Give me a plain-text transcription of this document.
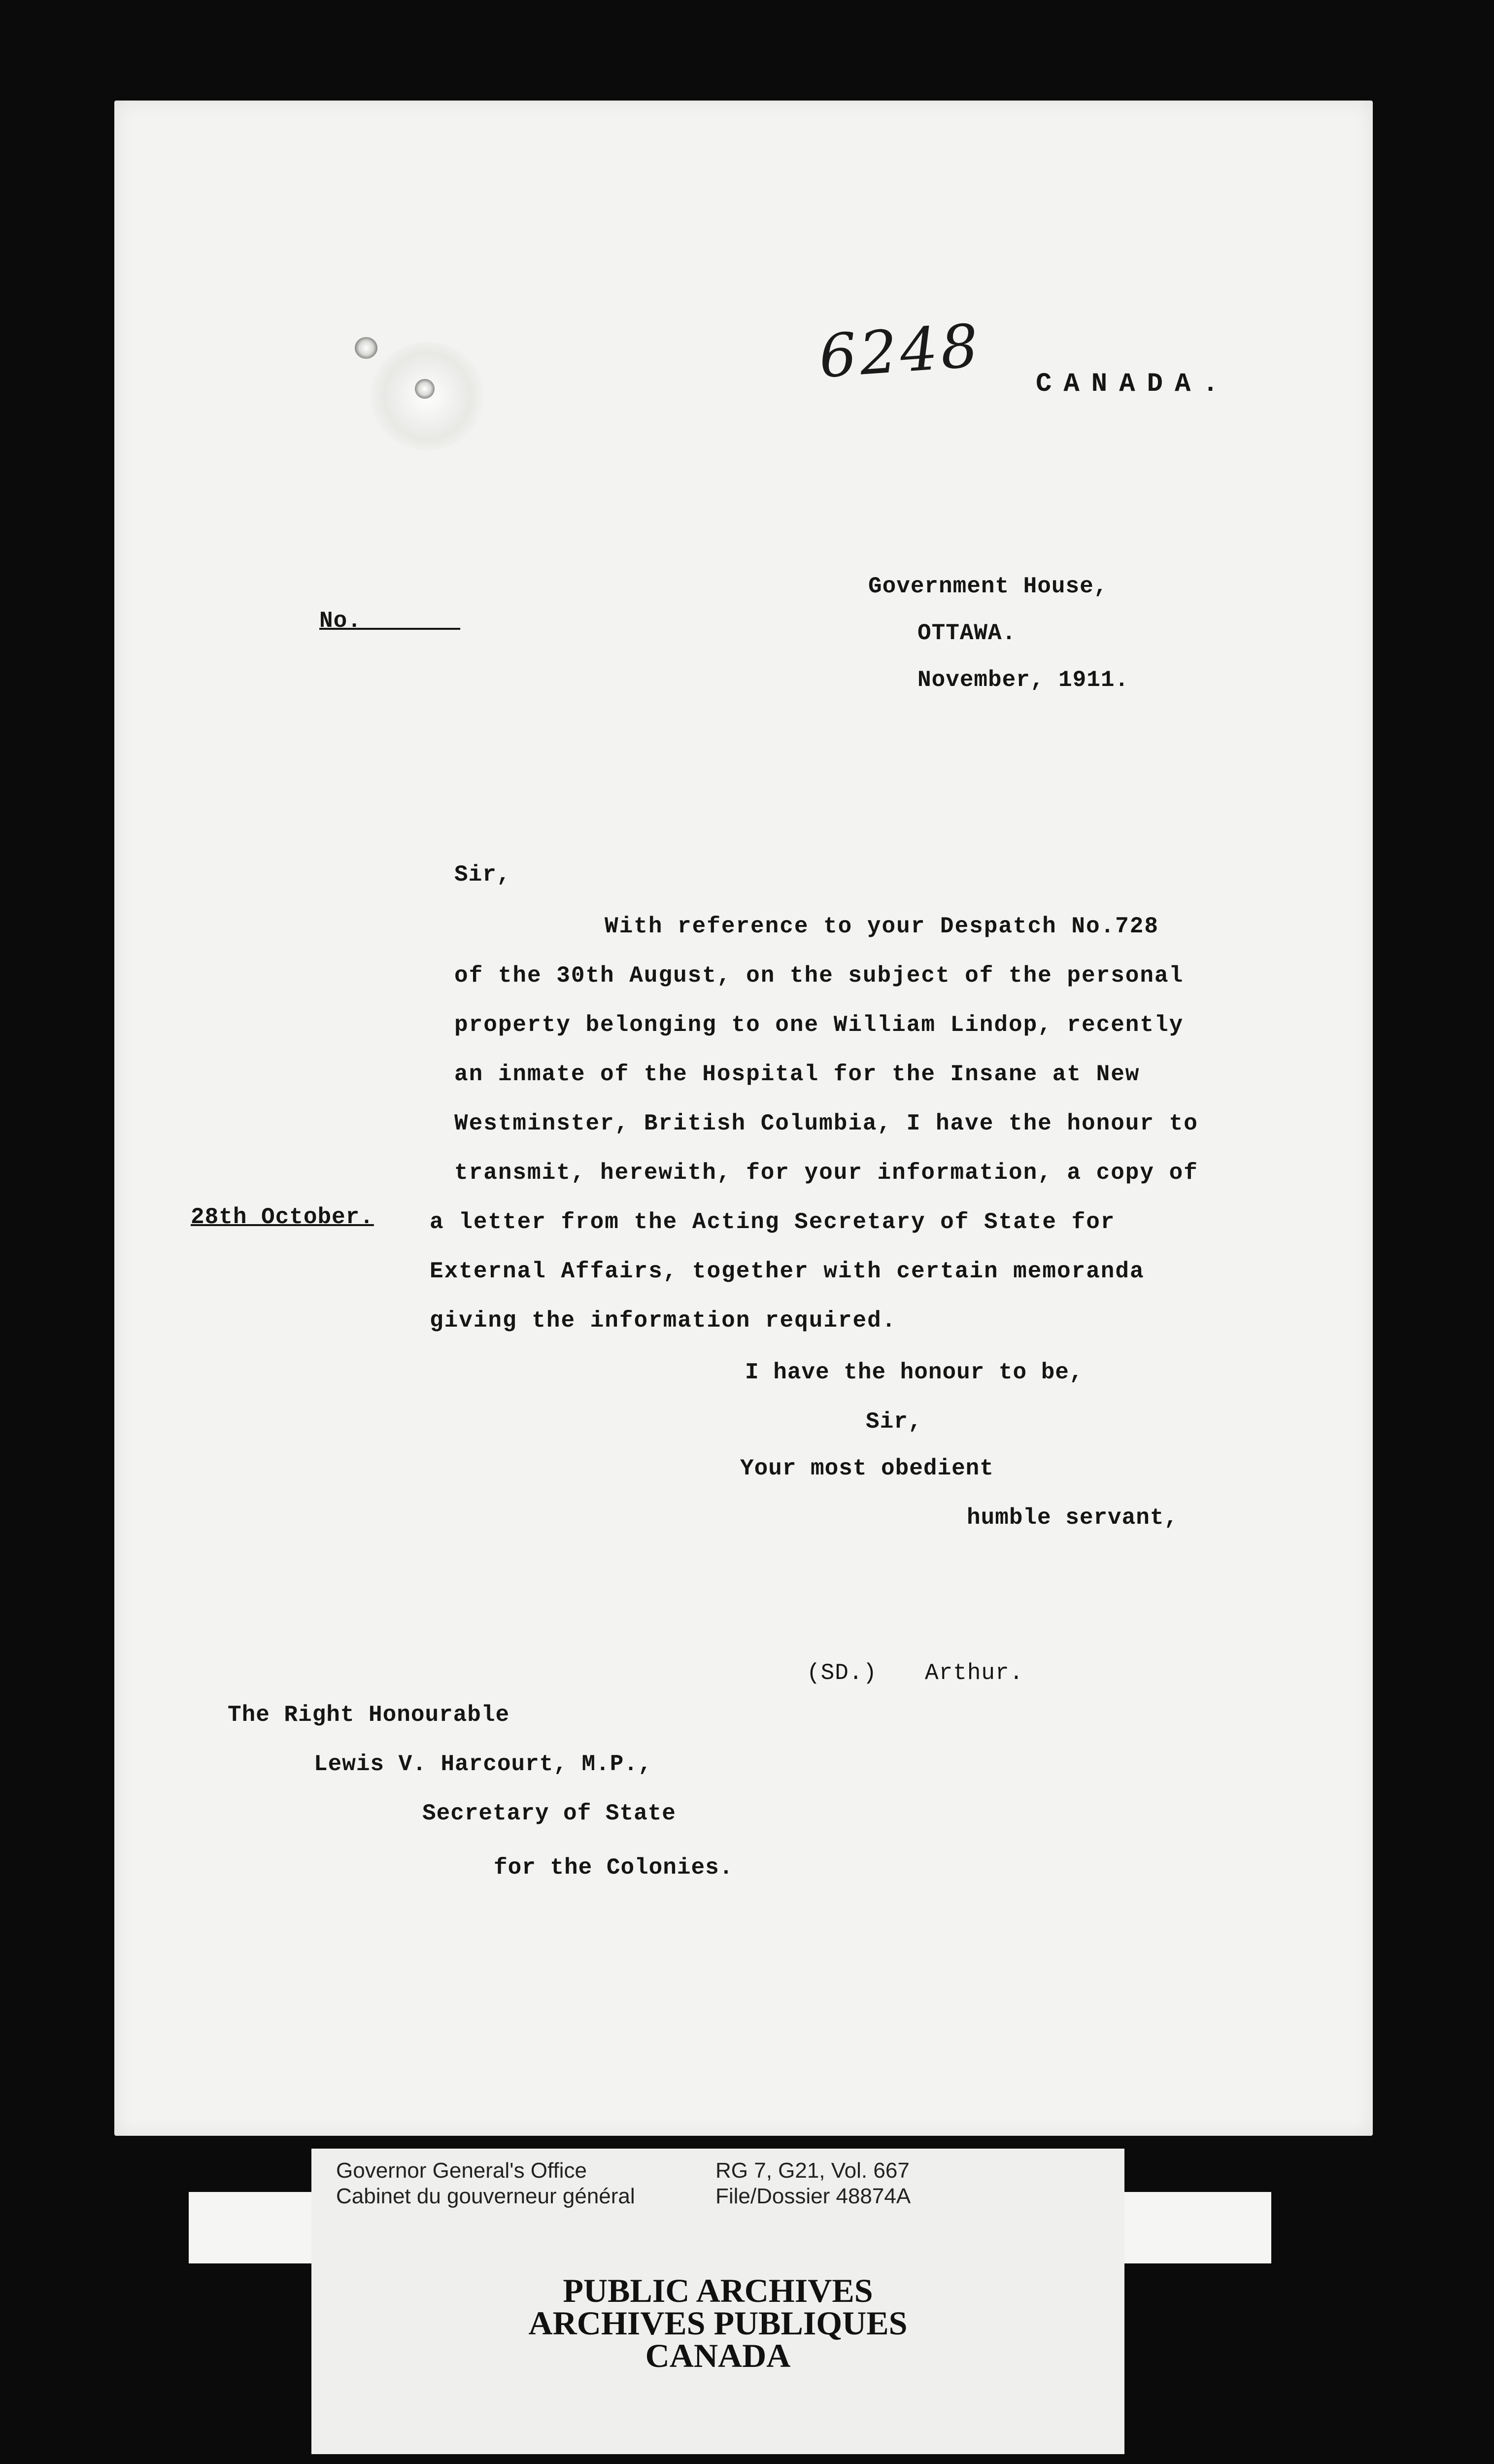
6248 CANADA.
No._______
Government House,
OTTAWA.
November, 1911.
Sir,
With reference to your Despatch No.728
of the 30th August, on the subject of the personal
property belonging to one William Lindop, recently
an inmate of the Hospital for the Insane at New
Westminster, British Columbia, I have the honour to
transmit, herewith, for your information, a copy of
a letter from the Acting Secretary of State for
External Affairs, together with certain memoranda
giving the information required.
28th October.
I have the honour to be,
Sir,
Your most obedient
humble servant,
(SD.) Arthur.
The Right Honourable
Lewis V. Harcourt, M.P.,
Secretary of State
for the Colonies.
Governor General's Office
Cabinet du gouverneur général
RG 7, G21, Vol. 667
File/Dossier 48874A
PUBLIC ARCHIVES
ARCHIVES PUBLIQUES
CANADA
